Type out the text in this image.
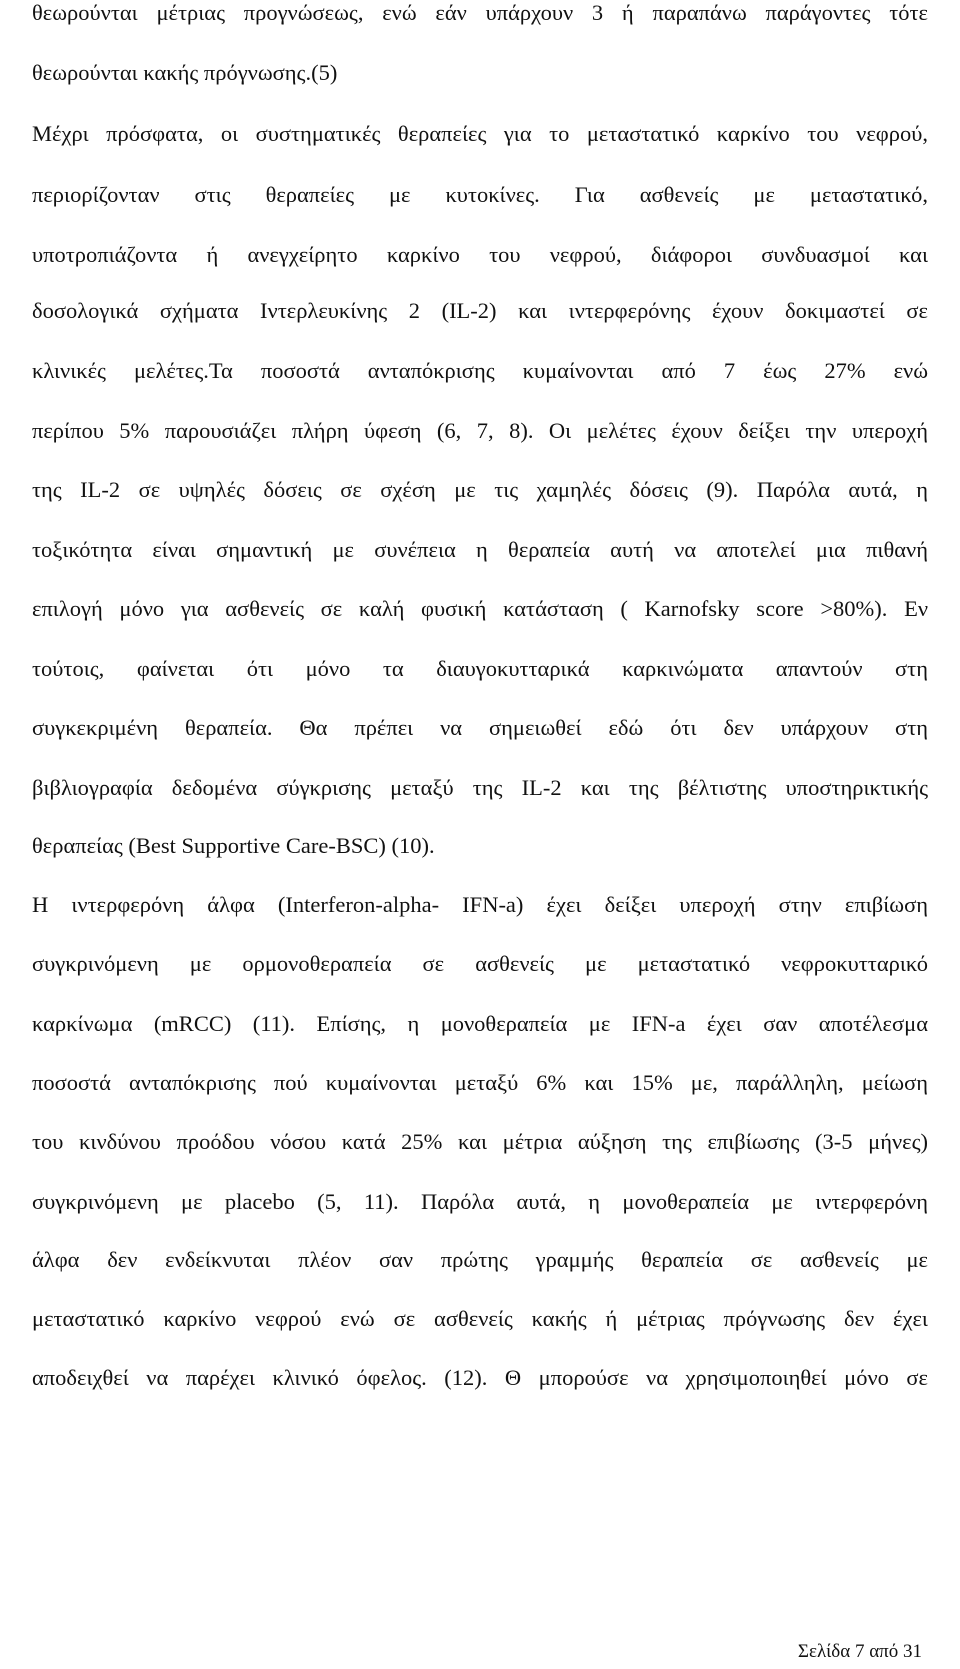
θεωρούνται μέτριας προγνώσεως, ενώ εάν υπάρχουν 3 ή παραπάνω παράγοντες τότε
θεωρούνται κακής πρόγνωσης.(5)
Μέχρι πρόσφατα, οι συστηματικές θεραπείες για το μεταστατικό καρκίνο του νεφρού,
περιορίζονταν στις θεραπείες με κυτοκίνες. Για ασθενείς με μεταστατικό,
υποτροπιάζοντα ή ανεγχείρητο καρκίνο του νεφρού, διάφοροι συνδυασμοί και
δοσολογικά σχήματα Ιντερλευκίνης 2 (IL-2) και ιντερφερόνης έχουν δοκιμαστεί σε
κλινικές μελέτες.Τα ποσοστά ανταπόκρισης κυμαίνονται από 7 έως 27% ενώ
περίπου 5% παρουσιάζει πλήρη ύφεση (6, 7, 8). Οι μελέτες έχουν δείξει την υπεροχή
της IL-2 σε υψηλές δόσεις σε σχέση με τις χαμηλές δόσεις (9). Παρόλα αυτά, η
τοξικότητα είναι σημαντική με συνέπεια η θεραπεία αυτή να αποτελεί μια πιθανή
επιλογή μόνο για ασθενείς σε καλή φυσική κατάσταση ( Karnofsky score >80%). Εν
τούτοις, φαίνεται ότι μόνο τα διαυγοκυτταρικά καρκινώματα απαντούν στη
συγκεκριμένη θεραπεία. Θα πρέπει να σημειωθεί εδώ ότι δεν υπάρχουν στη
βιβλιογραφία δεδομένα σύγκρισης μεταξύ της IL-2 και της βέλτιστης υποστηρικτικής
θεραπείας (Best Supportive Care-BSC) (10).
Η ιντερφερόνη άλφα (Interferon-alpha- IFN-a) έχει δείξει υπεροχή στην επιβίωση
συγκρινόμενη με ορμονοθεραπεία σε ασθενείς με μεταστατικό νεφροκυτταρικό
καρκίνωμα (mRCC) (11). Επίσης, η μονοθεραπεία με IFN-a έχει σαν αποτέλεσμα
ποσοστά ανταπόκρισης πού κυμαίνονται μεταξύ 6% και 15% με, παράλληλη, μείωση
του κινδύνου προόδου νόσου κατά 25% και μέτρια αύξηση της επιβίωσης (3-5 μήνες)
συγκρινόμενη με placebo (5, 11). Παρόλα αυτά, η μονοθεραπεία με ιντερφερόνη
άλφα δεν ενδείκνυται πλέον σαν πρώτης γραμμής θεραπεία σε ασθενείς με
μεταστατικό καρκίνο νεφρού ενώ σε ασθενείς κακής ή μέτριας πρόγνωσης δεν έχει
αποδειχθεί να παρέχει κλινικό όφελος. (12). Θ μπορούσε να χρησιμοποιηθεί μόνο σε
Σελίδα 7 από 31
